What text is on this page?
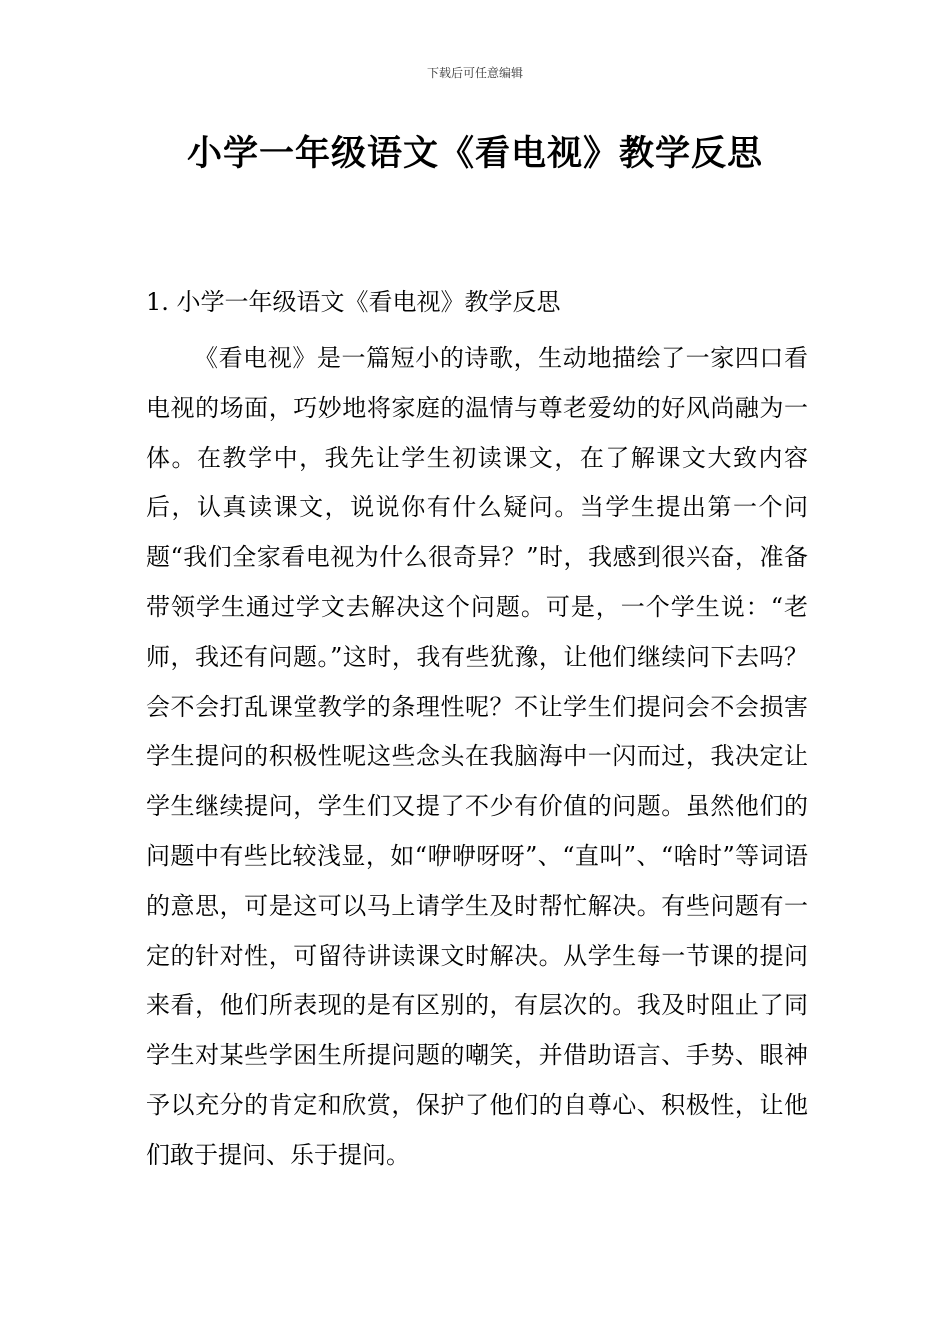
下载后可任意编辑
小学一年级语文《看电视》教学反思

1. 小学一年级语文《看电视》教学反思

《看电视》是一篇短小的诗歌，生动地描绘了一家四口看电视的场面，巧妙地将家庭的温情与尊老爱幼的好风尚融为一体。在教学中，我先让学生初读课文，在了解课文大致内容后，认真读课文，说说你有什么疑问。当学生提出第一个问题“我们全家看电视为什么很奇异？”时，我感到很兴奋，准备带领学生通过学文去解决这个问题。可是，一个学生说：“老师，我还有问题。”这时，我有些犹豫，让他们继续问下去吗？会不会打乱课堂教学的条理性呢？不让学生们提问会不会损害学生提问的积极性呢这些念头在我脑海中一闪而过，我决定让学生继续提问，学生们又提了不少有价值的问题。虽然他们的问题中有些比较浅显，如“咿咿呀呀”、“直叫”、“啥时”等词语的意思，可是这可以马上请学生及时帮忙解决。有些问题有一定的针对性，可留待讲读课文时解决。从学生每一节课的提问来看，他们所表现的是有区别的，有层次的。我及时阻止了同学生对某些学困生所提问题的嘲笑，并借助语言、手势、眼神予以充分的肯定和欣赏，保护了他们的自尊心、积极性，让他们敢于提问、乐于提问。
